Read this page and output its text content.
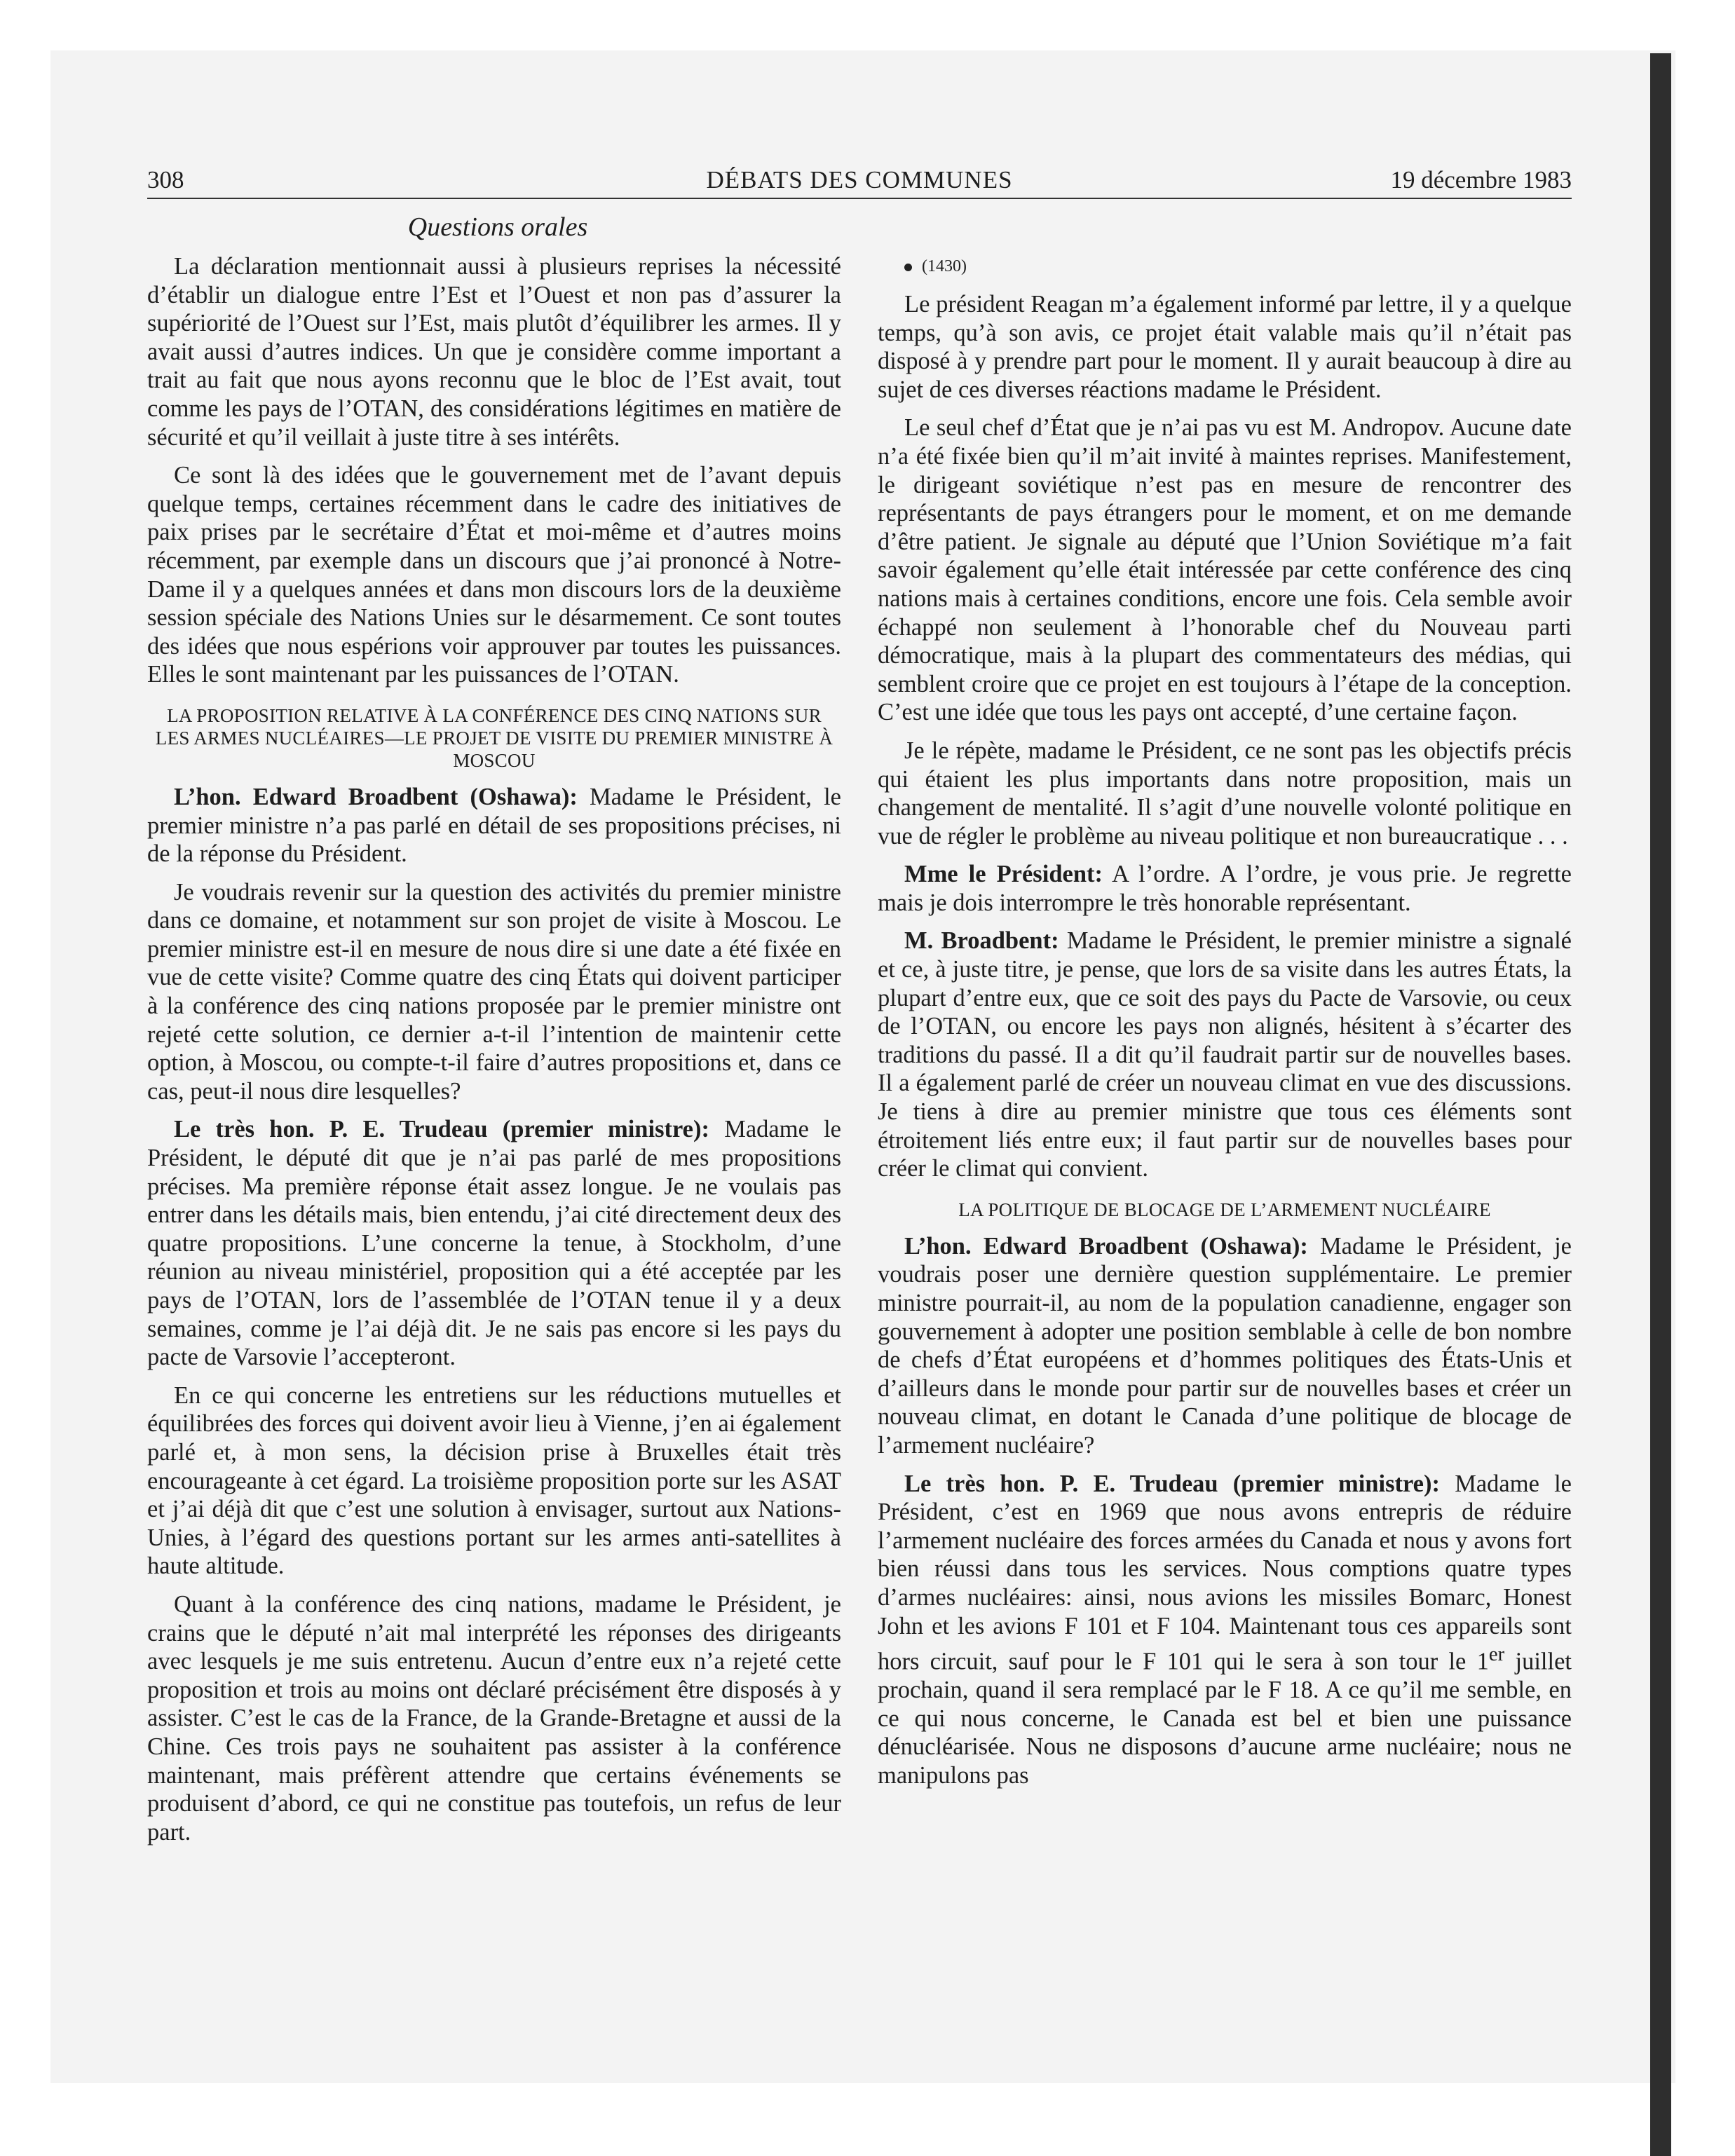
308	DÉBATS DES COMMUNES	19 décembre 1983
Questions orales

La déclaration mentionnait aussi à plusieurs reprises la nécessité d’établir un dialogue entre l’Est et l’Ouest et non pas d’assurer la supériorité de l’Ouest sur l’Est, mais plutôt d’équilibrer les armes. Il y avait aussi d’autres indices. Un que je considère comme important a trait au fait que nous ayons reconnu que le bloc de l’Est avait, tout comme les pays de l’OTAN, des considérations légitimes en matière de sécurité et qu’il veillait à juste titre à ses intérêts.

Ce sont là des idées que le gouvernement met de l’avant depuis quelque temps, certaines récemment dans le cadre des initiatives de paix prises par le secrétaire d’État et moi-même et d’autres moins récemment, par exemple dans un discours que j’ai prononcé à Notre-Dame il y a quelques années et dans mon discours lors de la deuxième session spéciale des Nations Unies sur le désarmement. Ce sont toutes des idées que nous espérions voir approuver par toutes les puissances. Elles le sont maintenant par les puissances de l’OTAN.

LA PROPOSITION RELATIVE À LA CONFÉRENCE DES CINQ NATIONS SUR LES ARMES NUCLÉAIRES—LE PROJET DE VISITE DU PREMIER MINISTRE À MOSCOU

L’hon. Edward Broadbent (Oshawa): Madame le Président, le premier ministre n’a pas parlé en détail de ses propositions précises, ni de la réponse du Président.

Je voudrais revenir sur la question des activités du premier ministre dans ce domaine, et notamment sur son projet de visite à Moscou. Le premier ministre est-il en mesure de nous dire si une date a été fixée en vue de cette visite? Comme quatre des cinq États qui doivent participer à la conférence des cinq nations proposée par le premier ministre ont rejeté cette solution, ce dernier a-t-il l’intention de maintenir cette option, à Moscou, ou compte-t-il faire d’autres propositions et, dans ce cas, peut-il nous dire lesquelles?

Le très hon. P. E. Trudeau (premier ministre): Madame le Président, le député dit que je n’ai pas parlé de mes propositions précises. Ma première réponse était assez longue. Je ne voulais pas entrer dans les détails mais, bien entendu, j’ai cité directement deux des quatre propositions. L’une concerne la tenue, à Stockholm, d’une réunion au niveau ministériel, proposition qui a été acceptée par les pays de l’OTAN, lors de l’assemblée de l’OTAN tenue il y a deux semaines, comme je l’ai déjà dit. Je ne sais pas encore si les pays du pacte de Varsovie l’accepteront.

En ce qui concerne les entretiens sur les réductions mutuelles et équilibrées des forces qui doivent avoir lieu à Vienne, j’en ai également parlé et, à mon sens, la décision prise à Bruxelles était très encourageante à cet égard. La troisième proposition porte sur les ASAT et j’ai déjà dit que c’est une solution à envisager, surtout aux Nations-Unies, à l’égard des questions portant sur les armes anti-satellites à haute altitude.

Quant à la conférence des cinq nations, madame le Président, je crains que le député n’ait mal interprété les réponses des dirigeants avec lesquels je me suis entretenu. Aucun d’entre eux n’a rejeté cette proposition et trois au moins ont déclaré précisément être disposés à y assister. C’est le cas de la France, de la Grande-Bretagne et aussi de la Chine. Ces trois pays ne souhaitent pas assister à la conférence maintenant, mais préfèrent attendre que certains événements se produisent d’abord, ce qui ne constitue pas toutefois, un refus de leur part.

(1430)

Le président Reagan m’a également informé par lettre, il y a quelque temps, qu’à son avis, ce projet était valable mais qu’il n’était pas disposé à y prendre part pour le moment. Il y aurait beaucoup à dire au sujet de ces diverses réactions madame le Président.

Le seul chef d’État que je n’ai pas vu est M. Andropov. Aucune date n’a été fixée bien qu’il m’ait invité à maintes reprises. Manifestement, le dirigeant soviétique n’est pas en mesure de rencontrer des représentants de pays étrangers pour le moment, et on me demande d’être patient. Je signale au député que l’Union Soviétique m’a fait savoir également qu’elle était intéressée par cette conférence des cinq nations mais à certaines conditions, encore une fois. Cela semble avoir échappé non seulement à l’honorable chef du Nouveau parti démocratique, mais à la plupart des commentateurs des médias, qui semblent croire que ce projet en est toujours à l’étape de la conception. C’est une idée que tous les pays ont accepté, d’une certaine façon.

Je le répète, madame le Président, ce ne sont pas les objectifs précis qui étaient les plus importants dans notre proposition, mais un changement de mentalité. Il s’agit d’une nouvelle volonté politique en vue de régler le problème au niveau politique et non bureaucratique . . .

Mme le Président: A l’ordre. A l’ordre, je vous prie. Je regrette mais je dois interrompre le très honorable représentant.

M. Broadbent: Madame le Président, le premier ministre a signalé et ce, à juste titre, je pense, que lors de sa visite dans les autres États, la plupart d’entre eux, que ce soit des pays du Pacte de Varsovie, ou ceux de l’OTAN, ou encore les pays non alignés, hésitent à s’écarter des traditions du passé. Il a dit qu’il faudrait partir sur de nouvelles bases. Il a également parlé de créer un nouveau climat en vue des discussions. Je tiens à dire au premier ministre que tous ces éléments sont étroitement liés entre eux; il faut partir sur de nouvelles bases pour créer le climat qui convient.

LA POLITIQUE DE BLOCAGE DE L’ARMEMENT NUCLÉAIRE

L’hon. Edward Broadbent (Oshawa): Madame le Président, je voudrais poser une dernière question supplémentaire. Le premier ministre pourrait-il, au nom de la population canadienne, engager son gouvernement à adopter une position semblable à celle de bon nombre de chefs d’État européens et d’hommes politiques des États-Unis et d’ailleurs dans le monde pour partir sur de nouvelles bases et créer un nouveau climat, en dotant le Canada d’une politique de blocage de l’armement nucléaire?

Le très hon. P. E. Trudeau (premier ministre): Madame le Président, c’est en 1969 que nous avons entrepris de réduire l’armement nucléaire des forces armées du Canada et nous y avons fort bien réussi dans tous les services. Nous comptions quatre types d’armes nucléaires: ainsi, nous avions les missiles Bomarc, Honest John et les avions F 101 et F 104. Maintenant tous ces appareils sont hors circuit, sauf pour le F 101 qui le sera à son tour le 1er juillet prochain, quand il sera remplacé par le F 18. A ce qu’il me semble, en ce qui nous concerne, le Canada est bel et bien une puissance dénucléarisée. Nous ne disposons d’aucune arme nucléaire; nous ne manipulons pas
